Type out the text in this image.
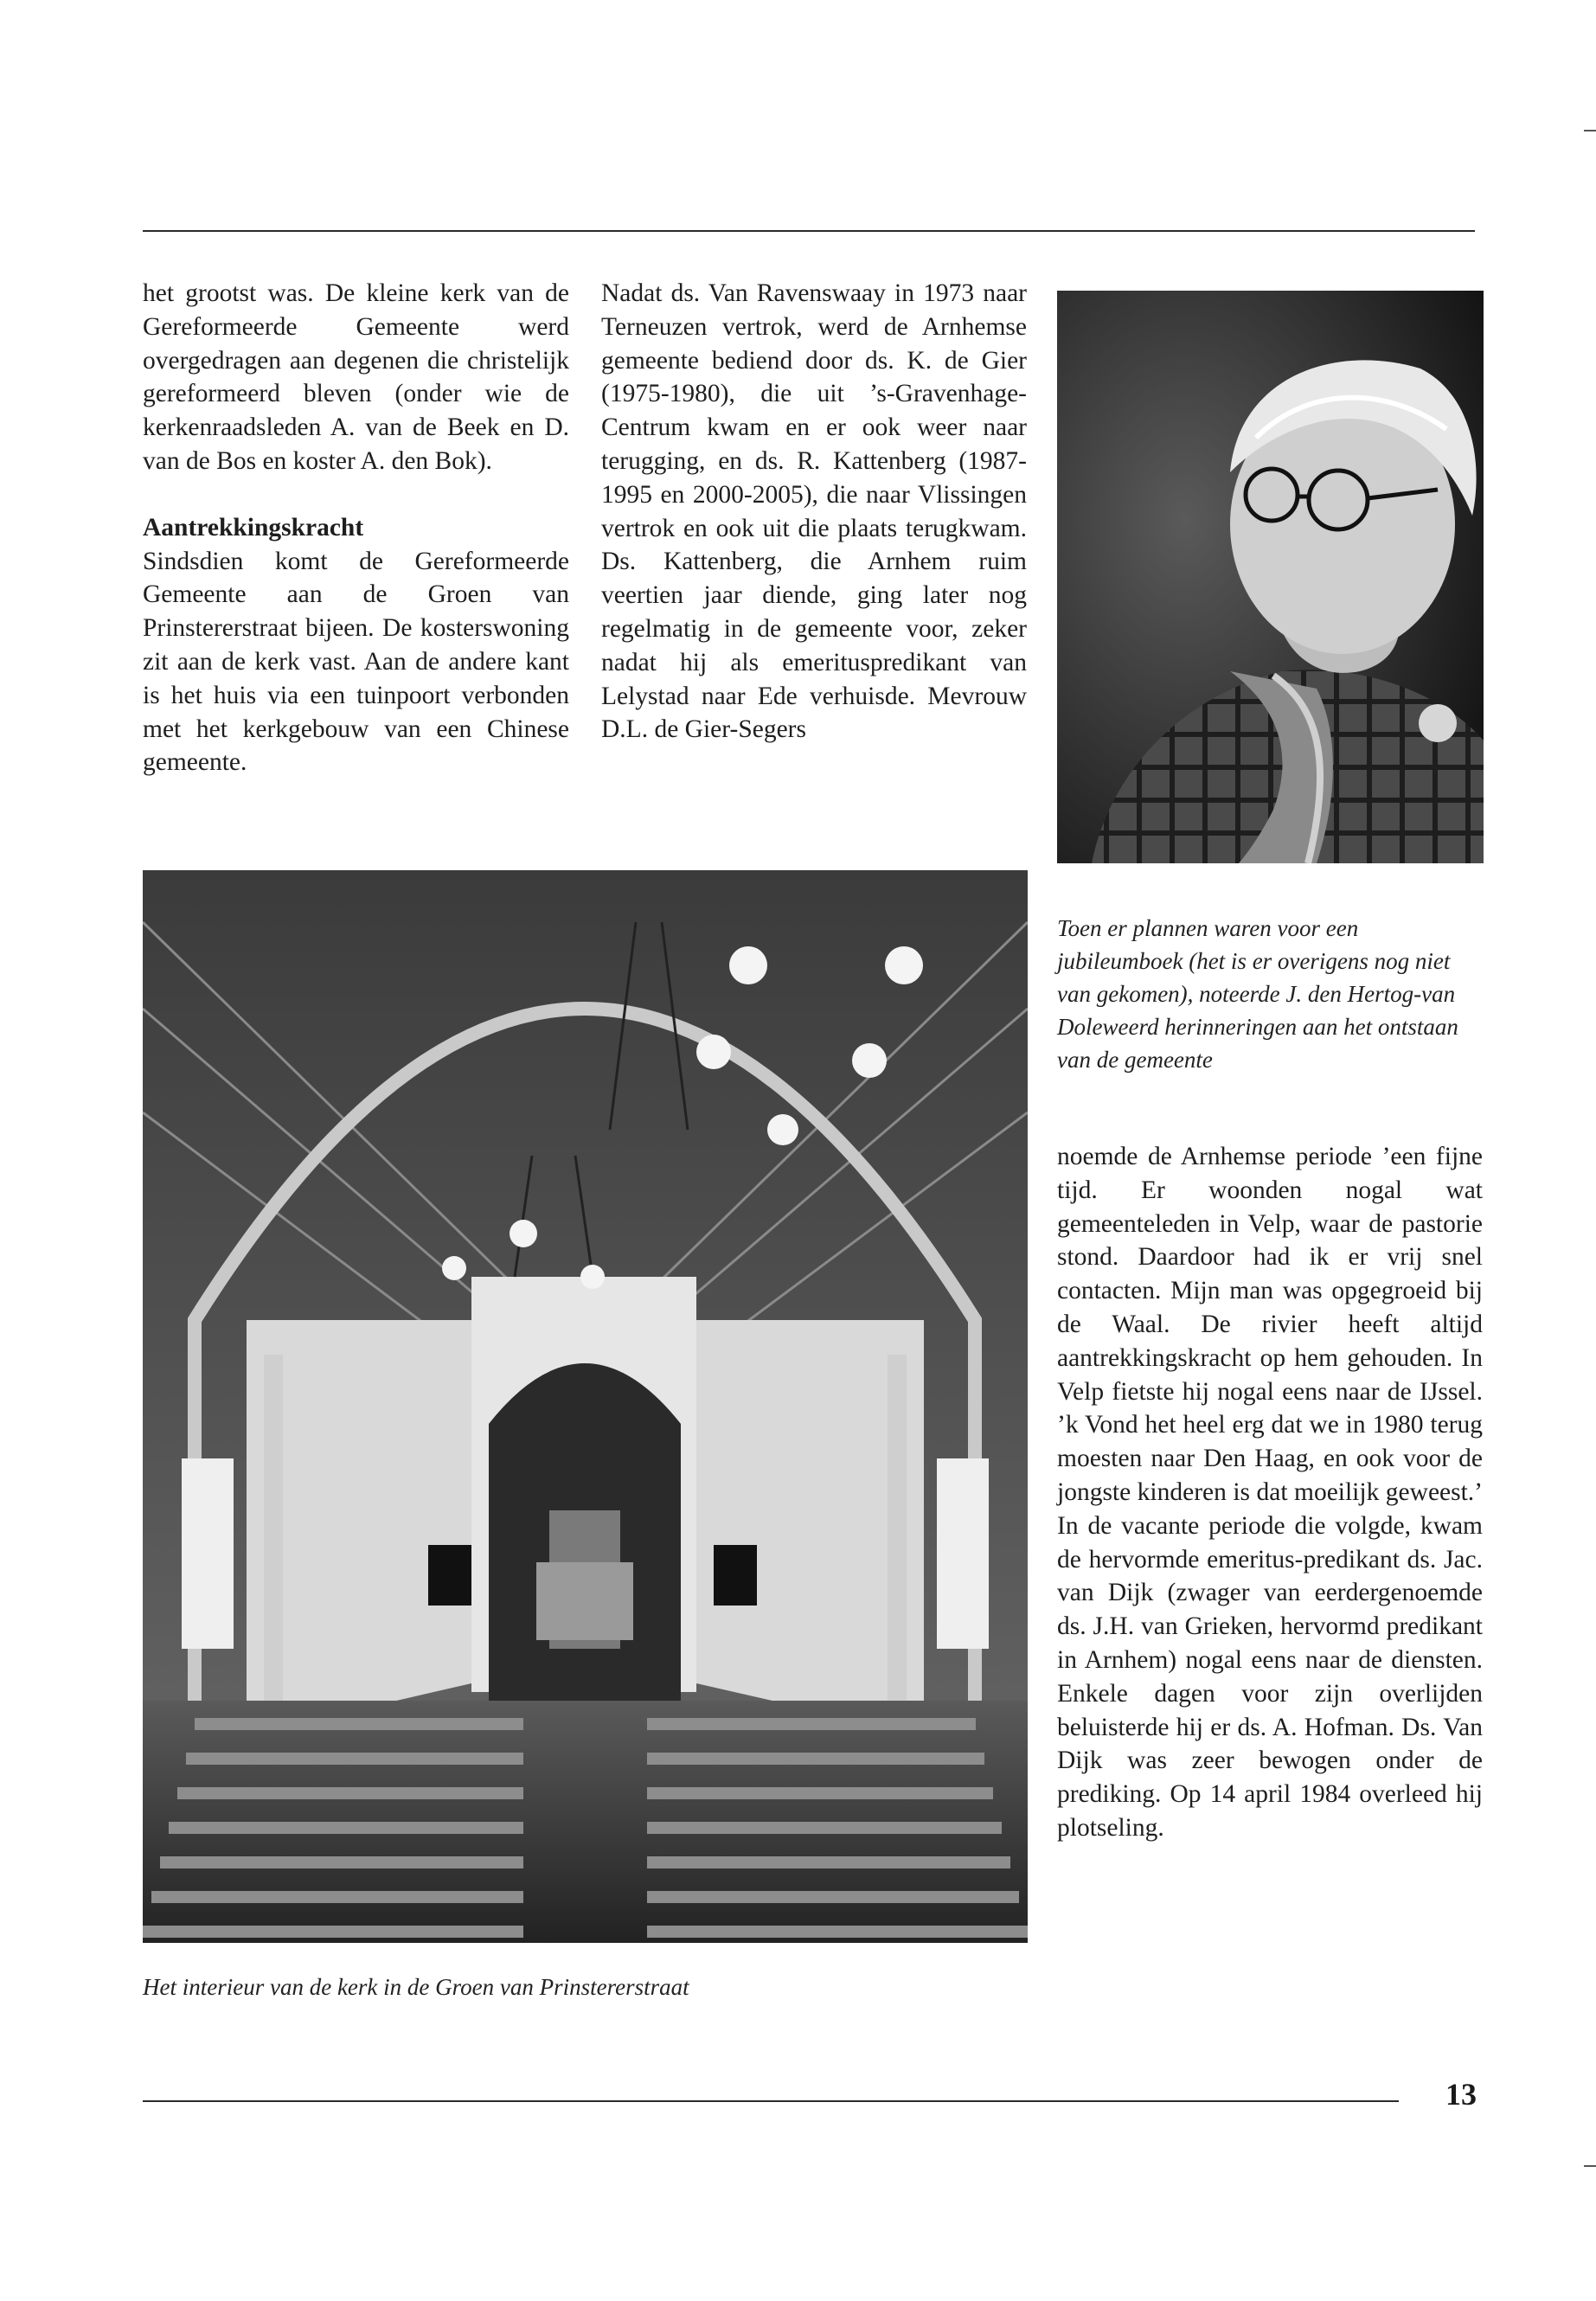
het grootst was. De kleine kerk van de Gereformeerde Gemeente werd overgedragen aan degenen die christelijk gereformeerd bleven (onder wie de kerkenraadsleden A. van de Beek en D. van de Bos en koster A. den Bok).

Aantrekkingskracht

Sindsdien komt de Gereformeerde Gemeente aan de Groen van Prinstererstraat bijeen. De kosterswoning zit aan de kerk vast. Aan de andere kant is het huis via een tuinpoort verbonden met het kerkgebouw van een Chinese gemeente.

Nadat ds. Van Ravenswaay in 1973 naar Terneuzen vertrok, werd de Arnhemse gemeente bediend door ds. K. de Gier (1975-1980), die uit ’s-Gravenhage-Centrum kwam en er ook weer naar terugging, en ds. R. Kattenberg (1987-1995 en 2000-2005), die naar Vlissingen vertrok en ook uit die plaats terugkwam. Ds. Kattenberg, die Arnhem ruim veertien jaar diende, ging later nog regelmatig in de gemeente voor, zeker nadat hij als emerituspredikant van Lelystad naar Ede verhuisde. Mevrouw D.L. de Gier-Segers

Toen er plannen waren voor een jubileumboek (het is er overigens nog niet van gekomen), noteerde J. den Hertog-van Doleweerd herinneringen aan het ontstaan van de gemeente
Het interieur van de kerk in de Groen van Prinstererstraat

noemde de Arnhemse periode ’een fijne tijd. Er woonden nogal wat gemeenteleden in Velp, waar de pastorie stond. Daardoor had ik er vrij snel contacten. Mijn man was opgegroeid bij de Waal. De rivier heeft altijd aantrekkingskracht op hem gehouden. In Velp fietste hij nogal eens naar de IJssel. ’k Vond het heel erg dat we in 1980 terug moesten naar Den Haag, en ook voor de jongste kinderen is dat moeilijk geweest.’ In de vacante periode die volgde, kwam de hervormde emeritus-predikant ds. Jac. van Dijk (zwager van eerdergenoemde ds. J.H. van Grieken, hervormd predikant in Arnhem) nogal eens naar de diensten. Enkele dagen voor zijn overlijden beluisterde hij er ds. A. Hofman. Ds. Van Dijk was zeer bewogen onder de prediking. Op 14 april 1984 overleed hij plotseling.

13
